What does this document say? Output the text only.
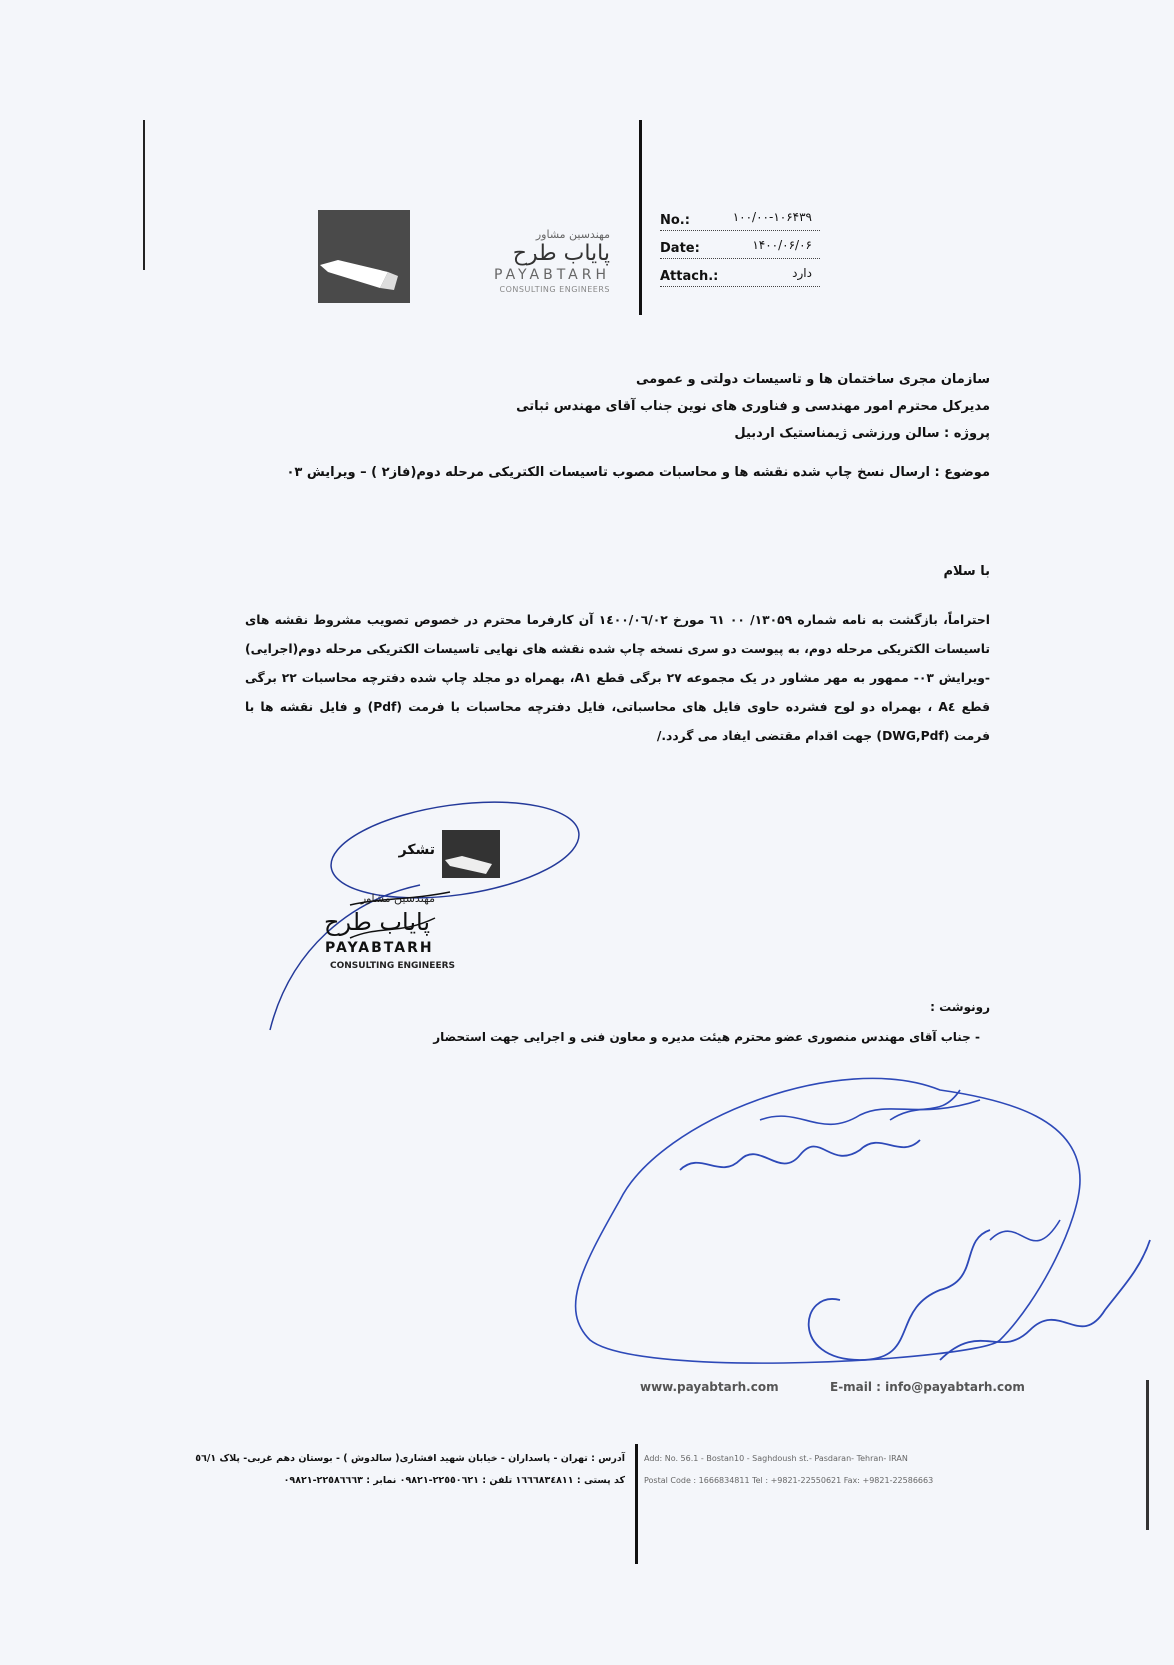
مهندسین مشاور
پایاب طرح
PAYABTARH
CONSULTING ENGINEERS
No.:	۱۰۰/۰۰-۱۰۶۴۳۹
Date:	۱۴۰۰/۰۶/۰۶
Attach.:	دارد
سازمان مجری ساختمان ها و تاسیسات دولتی و عمومی
مدیرکل محترم امور مهندسی و فناوری های نوین جناب آقای مهندس ثباتی
پروژه : سالن ورزشی ژیمناستیک اردبیل
موضوع : ارسال نسخ چاپ شده نقشه ها و محاسبات مصوب تاسیسات الکتریکی مرحله دوم(فاز۲ ) – ویرایش ۰۳
با سلام
احتراماً، بازگشت به نامه شماره ۱۳۰۵۹/ ۰۰ ٦١ مورخ ١٤٠٠/٠٦/٠٢ آن کارفرما محترم در خصوص تصویب مشروط نقشه های تاسیسات الکتریکی مرحله دوم، به پیوست دو سری نسخه چاپ شده نقشه های نهایی تاسیسات الکتریکی مرحله دوم(اجرایی) -ویرایش ۰۳- ممهور به مهر مشاور در یک مجموعه ۲۷ برگی قطع A۱، بهمراه دو مجلد چاپ شده دفترچه محاسبات ۲۲ برگی قطع A٤ ، بهمراه دو لوح فشرده حاوی فایل های محاسباتی، فایل دفترچه محاسبات با فرمت (Pdf) و فایل نقشه ها با فرمت (DWG,Pdf) جهت اقدام مقتضی ایفاد می گردد./
تشکر
مهندسین مشاور
پایاب طرح
PAYABTARH
CONSULTING ENGINEERS
رونوشت :
- جناب آقای مهندس منصوری عضو محترم هیئت مدیره و معاون فنی و اجرایی جهت استحضار
www.payabtarh.com	E-mail : info@payabtarh.com
آدرس : تهران - پاسداران - خیابان شهید افشاری( سالدوش ) - بوستان دهم غربی- پلاک ٥٦/١
کد پستی : ١٦٦٦٨٣٤٨١١ تلفن : ٢٢٥٥٠٦٢١-٠٩٨٢١ نمابر : ٢٢٥٨٦٦٦٣-٠٩٨٢١
Add: No. 56.1 - Bostan10 - Saghdoush st.- Pasdaran- Tehran- IRAN
Postal Code : 1666834811 Tel : +9821-22550621 Fax: +9821-22586663
